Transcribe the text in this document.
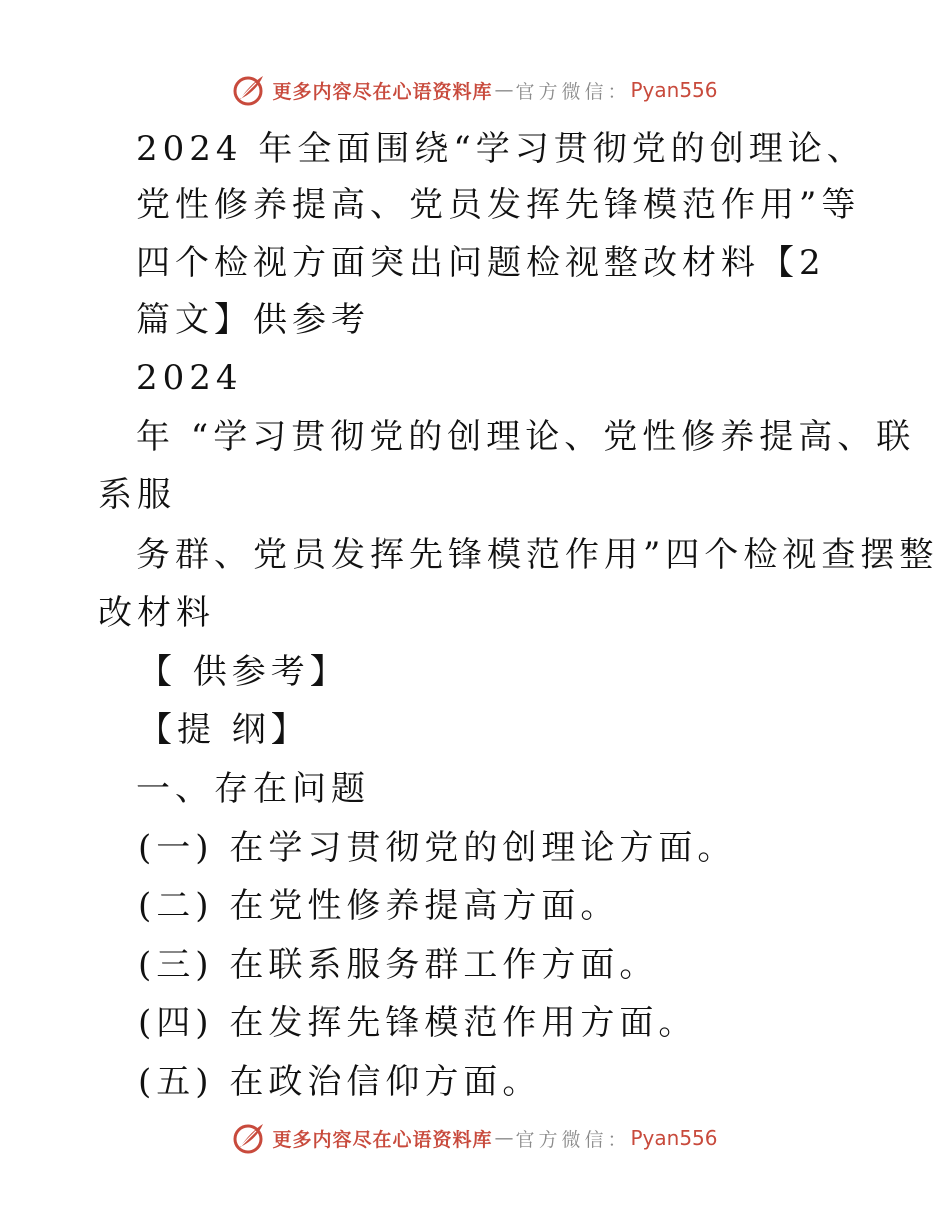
更多内容尽在心语资料库 — 官方微信： Pyan556
2024 年全面围绕“学习贯彻党的创理论、
党性修养提高、党员发挥先锋模范作用”等
四个检视方面突出问题检视整改材料【2
篇文】供参考
2024
年 “学习贯彻党的创理论、党性修养提高、联
系服
务群、党员发挥先锋模范作用”四个检视查摆整
改材料
【 供参考】
【提 纲】
一、存在问题
(一) 在学习贯彻党的创理论方面。
(二) 在党性修养提高方面。
(三) 在联系服务群工作方面。
(四) 在发挥先锋模范作用方面。
(五) 在政治信仰方面。
更多内容尽在心语资料库 — 官方微信： Pyan556
